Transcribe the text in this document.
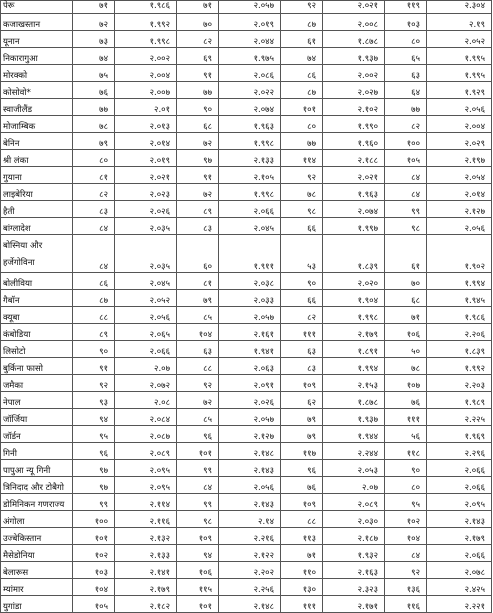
पेरू	७१	१.९८६	७१	२.०५७	९२	२.०२१	११९	२.३०४
कजाखस्तान	७२	१.९९२	७०	२.०१९	८७	२.००८	१०३	२.१९
यूनान	७३	१.९९८	८२	२.०४४	६१	१.८७८	८०	२.०५२
निकारागुआ	७४	२.००२	६९	१.९७५	७४	१.९३७	६५	१.९९५
मोरक्को	७५	२.००४	९१	२.०८६	८६	२.००२	६३	१.९९५
कोसोवो*	७६	२.००७	७७	२.०२२	८७	२.०२७	६४	१.९२९
स्वाजीलैंड	७७	२.०१	९०	२.०७४	१०१	२.१०२	७७	२.०५६
मोजाम्बिक	७८	२.०१३	६८	१.९६३	८०	१.९९०	८२	२.००४
बेनिन	७९	२.०१४	७२	१.९९८	७७	१.९६०	१००	२.०२९
श्री लंका	८०	२.०१९	९७	२.१३३	११४	२.१८८	१०५	२.१९७
गुयाना	८१	२.०२१	९१	२.१०५	९२	२.०२१	८४	२.०५४
लाइबेरिया	८२	२.०२३	७२	१.९९८	७८	१.९६३	८४	२.०१४
हैती	८३	२.०२६	८९	२.०६६	९८	२.०७४	९९	२.१२७
बांग्लादेश	८४	२.०३५	८३	२.०४५	६६	१.९९७	९८	२.०५६
बोस्निया और हर्जेगोविना	८४	२.०३५	६०	१.९११	५३	१.८३९	६१	१.९०२
बोलीविया	८६	२.०४५	८१	२.०३८	९०	२.०२०	७०	१.९९४
गैबॉन	८७	२.०५२	७९	२.०३३	६६	१.९०४	६८	१.९४५
क्यूबा	८८	२.०५६	८५	२.०५७	८२	१.९९८	७१	१.९८६
कंबोडिया	८९	२.०६५	१०४	२.१६१	१११	२.१७९	१०६	२.२०६
लिसोटो	९०	२.०६६	६३	१.९४१	६३	१.८९१	५०	१.८३९
बुर्किना फासो	९१	२.०७	८८	२.०६३	८३	१.९९४	७८	१.९९२
जमैका	९२	२.०७२	९२	२.०९१	१०९	२.१५३	१०७	२.२०३
नेपाल	९३	२.०८	७२	२.०२६	६२	१.८७८	७६	१.९८९
जॉर्जिया	९४	२.०८४	८५	२.०५७	७९	१.९३७	१११	२.२२५
जॉर्डन	९५	२.०८७	९६	२.१२७	७९	१.९४४	५६	१.९६९
गिनी	९६	२.०८९	१०१	२.१४८	११७	२.२४४	११८	२.२९६
पापुआ न्यू गिनी	९७	२.०९५	९९	२.१४३	९६	२.०५३	९०	२.०६६
त्रिनिदाद और टोबैगो	९७	२.०९५	८४	२.०५६	७६	२.०७	८०	२.०६६
डोमिनिकन गणराज्य	९९	२.११४	९९	२.१४३	१०९	२.०८९	९५	२.०९५
अंगोला	१००	२.११६	९८	२.१४	८८	२.०३०	१०२	२.१४३
उज्बेकिस्तान	१०१	२.१३२	१०९	२.२१६	११३	२.१८७	१०४	२.१७९
मैसेडोनिया	१०२	२.१३३	९४	२.१२२	७१	१.९३२	८४	२.०६६
बेलारूस	१०३	२.१४१	१०६	२.२०२	११०	२.१६३	९२	२.०७८
म्यांमार	१०४	२.१७९	११५	२.२५६	१३०	२.३२३	१३६	२.४२५
युगांडा	१०५	२.१८२	१०१	२.१४८	१११	२.१७१	११६	२.२२१
